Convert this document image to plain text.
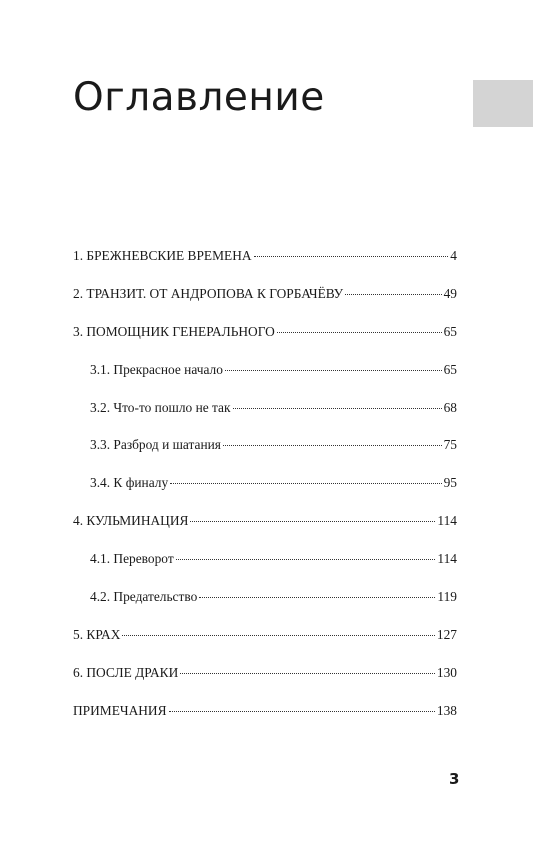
Оглавление
1. БРЕЖНЕВСКИЕ ВРЕМЕНА	4
2. ТРАНЗИТ. ОТ АНДРОПОВА К ГОРБАЧЁВУ	49
3. ПОМОЩНИК ГЕНЕРАЛЬНОГО	65
3.1. Прекрасное начало	65
3.2. Что-то пошло не так	68
3.3. Разброд и шатания	75
3.4. К финалу	95
4. КУЛЬМИНАЦИЯ	114
4.1. Переворот	114
4.2. Предательство	119
5. КРАХ	127
6. ПОСЛЕ ДРАКИ	130
ПРИМЕЧАНИЯ	138
3
